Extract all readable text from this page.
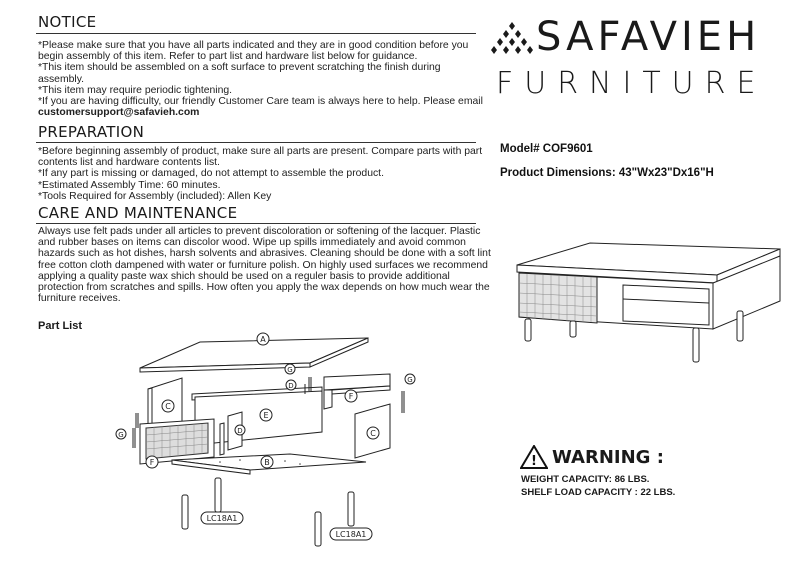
NOTICE

*Please make sure that you have all parts indicated and they are in good condition before you begin assembly of this item. Refer to part list and hardware list below for guidance.

*This item should be assembled on a soft surface to prevent scratching the finish during assembly.

*This item may require periodic tightening.

*If you are having difficulty, our friendly Customer Care team is always here to help. Please email customersupport@safavieh.com

PREPARATION

*Before beginning assembly of product, make sure all parts are present. Compare parts with part contents list and hardware contents list.

*If any part is missing or damaged, do not attempt to assemble the product.

*Estimated Assembly Time: 60 minutes.

*Tools Required for Assembly (included): Allen Key

CARE AND MAINTENANCE

Always use felt pads under all articles to prevent discoloration or softening of the lacquer. Plastic and rubber bases on items can discolor wood. Wipe up spills immediately and avoid common hazards such as hot dishes, harsh solvents and abrasives. Cleaning should be done with a soft lint free cotton cloth dampened with water or furniture polish. On highly used surfaces we recommend applying a quality paste wax shich should be used on a reguler basis to provide additional protection from scratches and spills. How often you apply the wax depends on how much wear the furniture receives.

Part List
A
C
E
D
F
F
C
D
B
G
G
G
LC18A1
LC18A1
SAFAVIEH
FURNITURE
Model# COF9601
Product Dimensions: 43"Wx23"Dx16"H
! WARNING :
WEIGHT CAPACITY: 86 LBS.
SHELF LOAD CAPACITY : 22 LBS.
